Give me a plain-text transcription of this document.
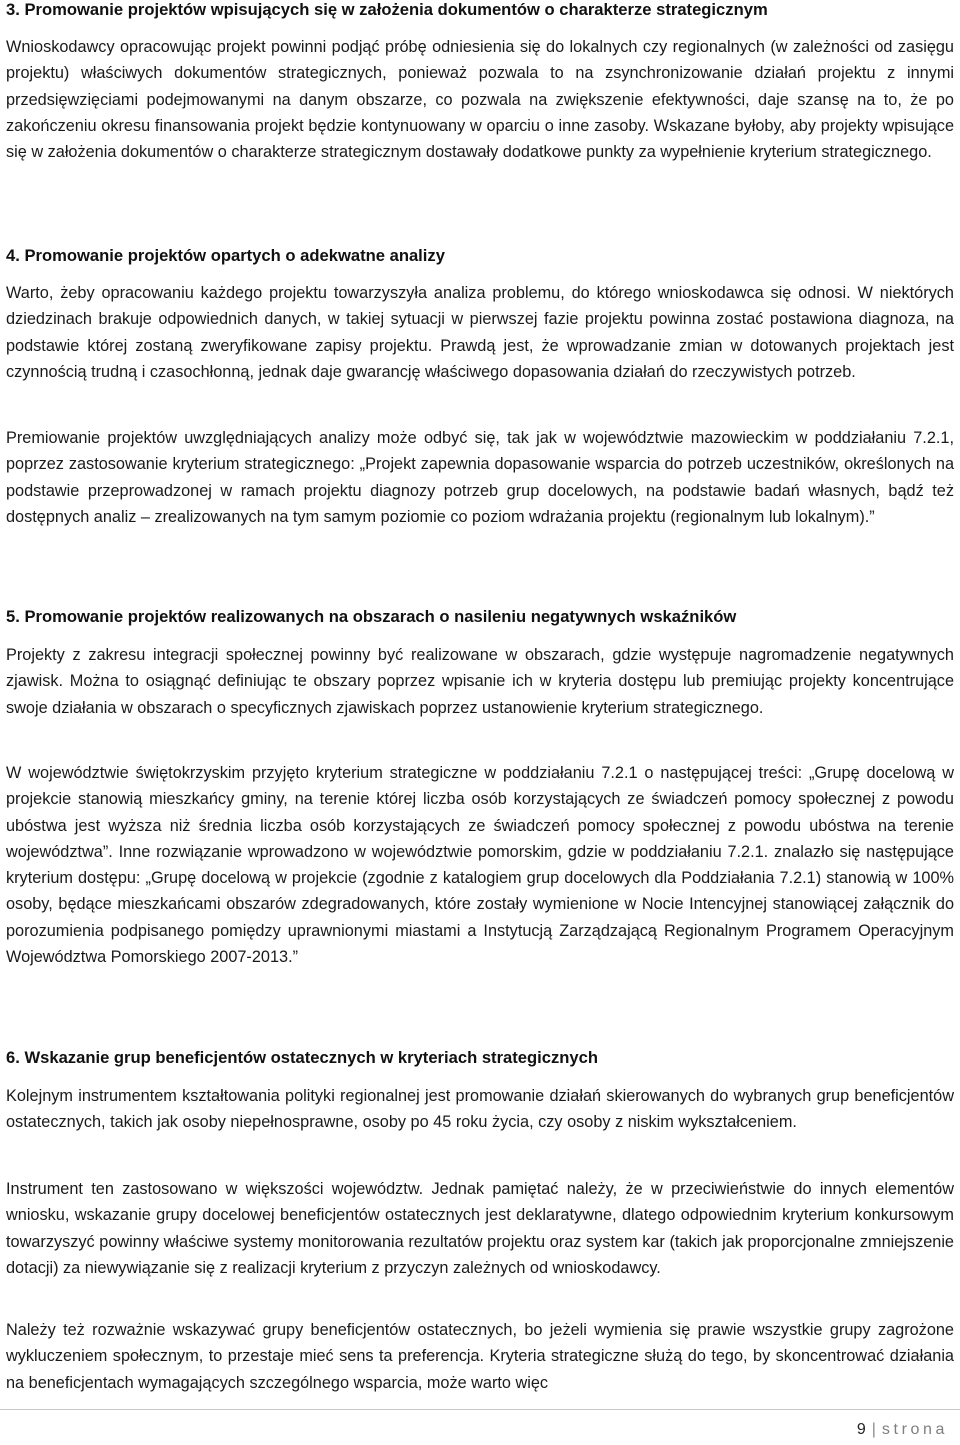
3. Promowanie projektów wpisujących się w założenia dokumentów o charakterze strategicznym

Wnioskodawcy opracowując projekt powinni podjąć próbę odniesienia się do lokalnych czy regionalnych (w zależności od zasięgu projektu) właściwych dokumentów strategicznych, ponieważ pozwala to na zsynchronizowanie działań projektu z innymi przedsięwzięciami podejmowanymi na danym obszarze, co pozwala na zwiększenie efektywności, daje szansę na to, że po zakończeniu okresu finansowania projekt będzie kontynuowany w oparciu o inne zasoby. Wskazane byłoby, aby projekty wpisujące się w założenia dokumentów o charakterze strategicznym dostawały dodatkowe punkty za wypełnienie kryterium strategicznego.

4. Promowanie projektów opartych o adekwatne analizy

Warto, żeby opracowaniu każdego projektu towarzyszyła analiza problemu, do którego wnioskodawca się odnosi. W niektórych dziedzinach brakuje odpowiednich danych, w takiej sytuacji w pierwszej fazie projektu powinna zostać postawiona diagnoza, na podstawie której zostaną zweryfikowane zapisy projektu. Prawdą jest, że wprowadzanie zmian w dotowanych projektach jest czynnością trudną i czasochłonną, jednak daje gwarancję właściwego dopasowania działań do rzeczywistych potrzeb.

Premiowanie projektów uwzględniających analizy może odbyć się, tak jak w województwie mazowieckim w poddziałaniu 7.2.1, poprzez zastosowanie kryterium strategicznego: „Projekt zapewnia dopasowanie wsparcia do potrzeb uczestników, określonych na podstawie przeprowadzonej w ramach projektu diagnozy potrzeb grup docelowych, na podstawie badań własnych, bądź też dostępnych analiz – zrealizowanych na tym samym poziomie co poziom wdrażania projektu (regionalnym lub lokalnym).”

5. Promowanie projektów realizowanych na obszarach o nasileniu negatywnych wskaźników

Projekty z zakresu integracji społecznej powinny być realizowane w obszarach, gdzie występuje nagromadzenie negatywnych zjawisk. Można to osiągnąć definiując te obszary poprzez wpisanie ich w kryteria dostępu lub premiując projekty koncentrujące swoje działania w obszarach o specyficznych zjawiskach poprzez ustanowienie kryterium strategicznego.

W województwie świętokrzyskim przyjęto kryterium strategiczne w poddziałaniu 7.2.1 o następującej treści: „Grupę docelową w projekcie stanowią mieszkańcy gminy, na terenie której liczba osób korzystających ze świadczeń pomocy społecznej z powodu ubóstwa jest wyższa niż średnia liczba osób korzystających ze świadczeń pomocy społecznej z powodu ubóstwa na terenie województwa”. Inne rozwiązanie wprowadzono w województwie pomorskim, gdzie w poddziałaniu 7.2.1. znalazło się następujące kryterium dostępu: „Grupę docelową w projekcie (zgodnie z katalogiem grup docelowych dla Poddziałania 7.2.1) stanowią w 100% osoby, będące mieszkańcami obszarów zdegradowanych, które zostały wymienione w Nocie Intencyjnej stanowiącej załącznik do porozumienia podpisanego pomiędzy uprawnionymi miastami a Instytucją Zarządzającą Regionalnym Programem Operacyjnym Województwa Pomorskiego 2007-2013.”

6. Wskazanie grup beneficjentów ostatecznych w kryteriach strategicznych

Kolejnym instrumentem kształtowania polityki regionalnej jest promowanie działań skierowanych do wybranych grup beneficjentów ostatecznych, takich jak osoby niepełnosprawne, osoby po 45 roku życia, czy osoby z niskim wykształceniem.

Instrument ten zastosowano w większości województw. Jednak pamiętać należy, że w przeciwieństwie do innych elementów wniosku, wskazanie grupy docelowej beneficjentów ostatecznych jest deklaratywne, dlatego odpowiednim kryterium konkursowym towarzyszyć powinny właściwe systemy monitorowania rezultatów projektu oraz system kar (takich jak proporcjonalne zmniejszenie dotacji) za niewywiązanie się z realizacji kryterium z przyczyn zależnych od wnioskodawcy.

Należy też rozważnie wskazywać grupy beneficjentów ostatecznych, bo jeżeli wymienia się prawie wszystkie grupy zagrożone wykluczeniem społecznym, to przestaje mieć sens ta preferencja. Kryteria strategiczne służą do tego, by skoncentrować działania na beneficjentach wymagających szczególnego wsparcia, może warto więc

9 | strona
